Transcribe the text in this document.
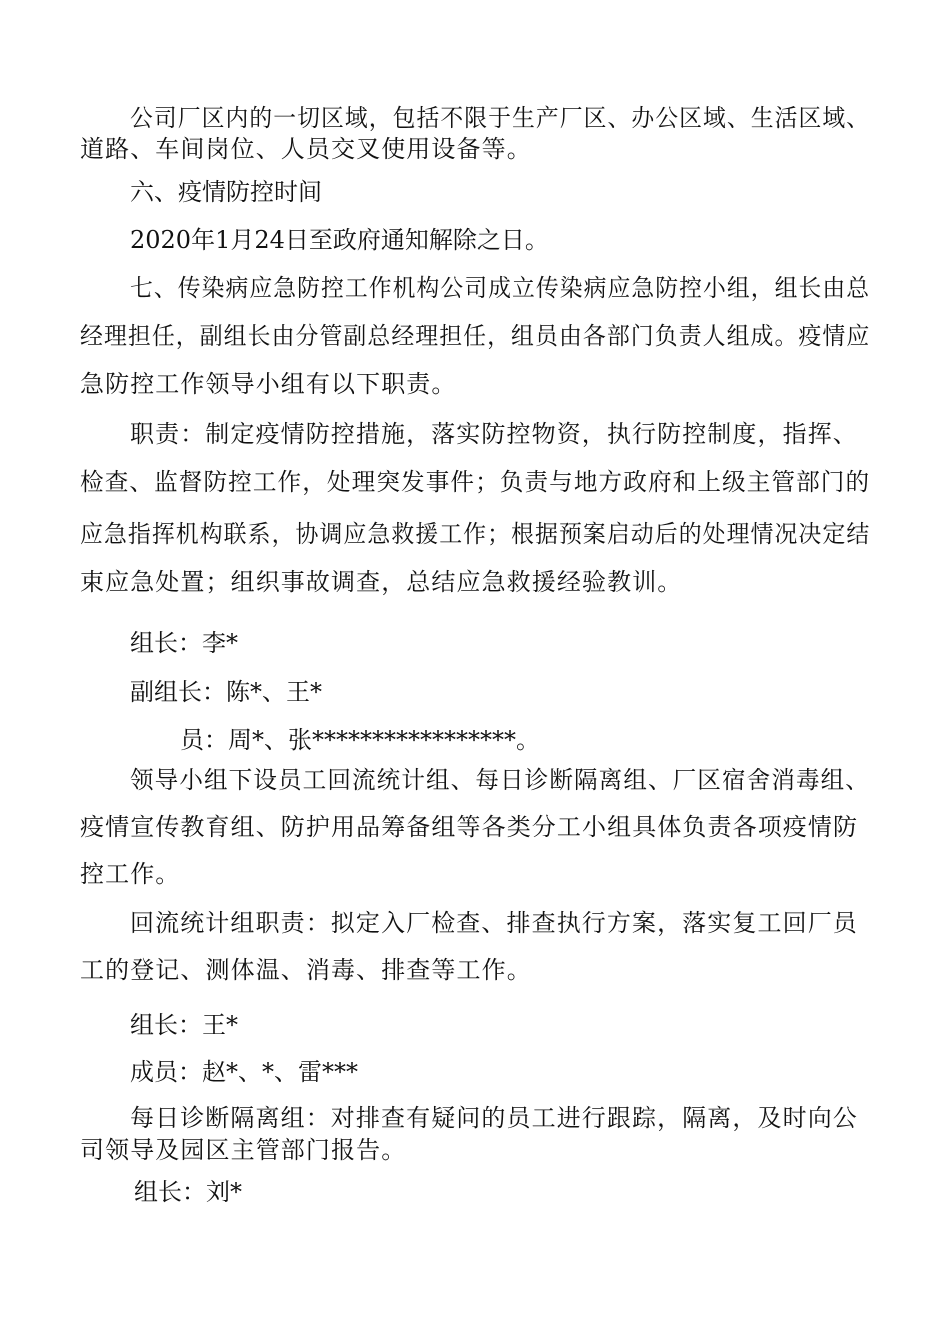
公司厂区内的一切区域，包括不限于生产厂区、办公区域、生活区域、

道路、车间岗位、人员交叉使用设备等。

六、疫情防控时间

2020年1月24日至政府通知解除之日。

七、传染病应急防控工作机构公司成立传染病应急防控小组，组长由总

经理担任，副组长由分管副总经理担任，组员由各部门负责人组成。疫情应

急防控工作领导小组有以下职责。

职责：制定疫情防控措施，落实防控物资，执行防控制度，指挥、

检查、监督防控工作，处理突发事件；负责与地方政府和上级主管部门的

应急指挥机构联系，协调应急救援工作；根据预案启动后的处理情况决定结

束应急处置；组织事故调查，总结应急救援经验教训。

组长：李*

副组长：陈*、王*

员：周*、张*****************。

领导小组下设员工回流统计组、每日诊断隔离组、厂区宿舍消毒组、

疫情宣传教育组、防护用品筹备组等各类分工小组具体负责各项疫情防

控工作。

回流统计组职责：拟定入厂检查、排查执行方案，落实复工回厂员

工的登记、测体温、消毒、排查等工作。

组长：王*

成员：赵*、*、雷***

每日诊断隔离组：对排查有疑问的员工进行跟踪，隔离，及时向公

司领导及园区主管部门报告。

组长：刘*
